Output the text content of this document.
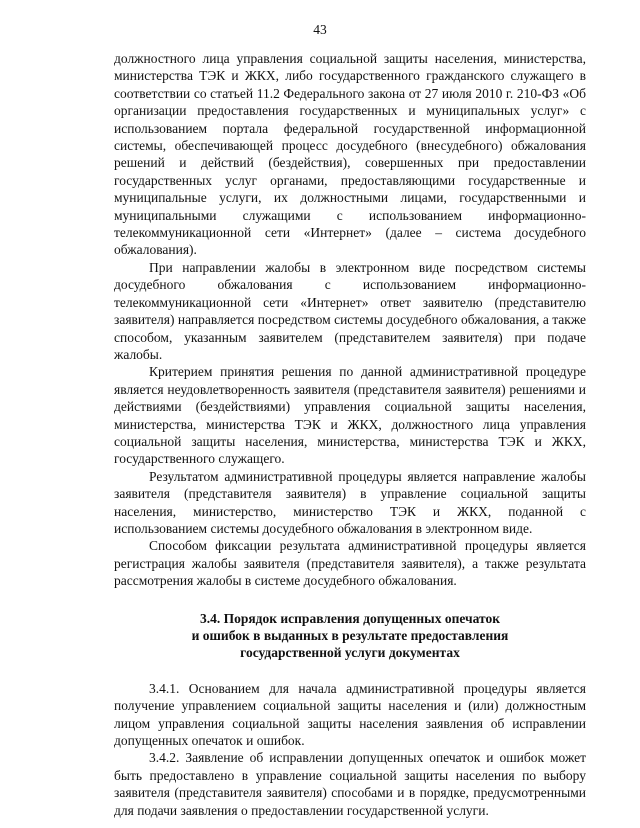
43

должностного лица управления социальной защиты населения, министерства, министерства ТЭК и ЖКХ, либо государственного гражданского служащего в соответствии со статьей 11.2 Федерального закона от 27 июля 2010 г. 210-ФЗ «Об организации предоставления государственных и муниципальных услуг» с использованием портала федеральной государственной информационной системы, обеспечивающей процесс досудебного (внесудебного) обжалования решений и действий (бездействия), совершенных при предоставлении государственных услуг органами, предоставляющими государственные и муниципальные услуги, их должностными лицами, государственными и муниципальными служащими с использованием информационно-телекоммуникационной сети «Интернет» (далее – система досудебного обжалования).

При направлении жалобы в электронном виде посредством системы досудебного обжалования с использованием информационно-телекоммуникационной сети «Интернет» ответ заявителю (представителю заявителя) направляется посредством системы досудебного обжалования, а также способом, указанным заявителем (представителем заявителя) при подаче жалобы.

Критерием принятия решения по данной административной процедуре является неудовлетворенность заявителя (представителя заявителя) решениями и действиями (бездействиями) управления социальной защиты населения, министерства, министерства ТЭК и ЖКХ, должностного лица управления социальной защиты населения, министерства, министерства ТЭК и ЖКХ, государственного служащего.

Результатом административной процедуры является направление жалобы заявителя (представителя заявителя) в управление социальной защиты населения, министерство, министерство ТЭК и ЖКХ, поданной с использованием системы досудебного обжалования в электронном виде.

Способом фиксации результата административной процедуры является регистрация жалобы заявителя (представителя заявителя), а также результата рассмотрения жалобы в системе досудебного обжалования.

3.4. Порядок исправления допущенных опечаток
и ошибок в выданных в результате предоставления
государственной услуги документах

3.4.1. Основанием для начала административной процедуры является получение управлением социальной защиты населения и (или) должностным лицом управления социальной защиты населения заявления об исправлении допущенных опечаток и ошибок.

3.4.2. Заявление об исправлении допущенных опечаток и ошибок может быть предоставлено в управление социальной защиты населения по выбору заявителя (представителя заявителя) способами и в порядке, предусмотренными для подачи заявления о предоставлении государственной услуги.
